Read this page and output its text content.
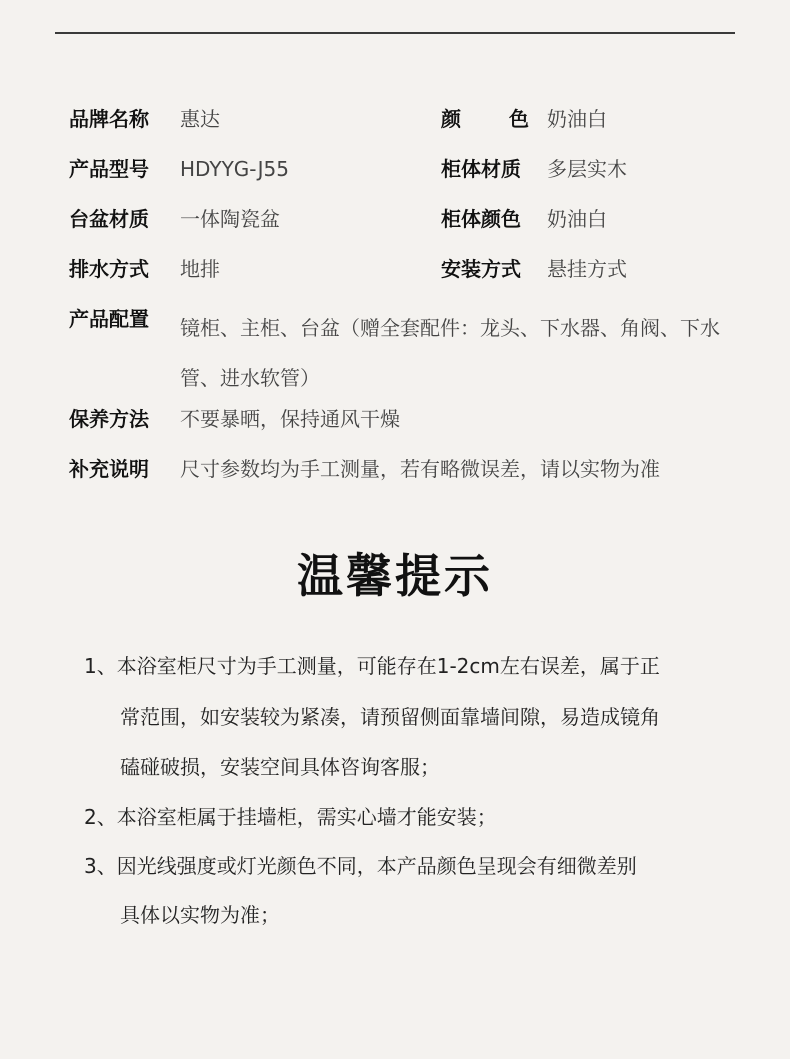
品牌名称 惠达	颜 色 奶油白
产品型号 HDYYG-J55	柜体材质	多层实木
台盆材质 一体陶瓷盆	柜体颜色	奶油白
排水方式 地排	安装方式	悬挂方式
产品配置 镜柜、主柜、台盆（赠全套配件：龙头、下水器、角阀、下水管、进水软管）
保养方法 不要暴晒，保持通风干燥
补充说明 尺寸参数均为手工测量，若有略微误差，请以实物为准
温馨提示
1、本浴室柜尺寸为手工测量，可能存在1-2cm左右误差，属于正
常范围，如安装较为紧凑，请预留侧面靠墙间隙，易造成镜角
磕碰破损，安装空间具体咨询客服；
2、本浴室柜属于挂墙柜，需实心墙才能安装；
3、因光线强度或灯光颜色不同，本产品颜色呈现会有细微差别
具体以实物为准；
